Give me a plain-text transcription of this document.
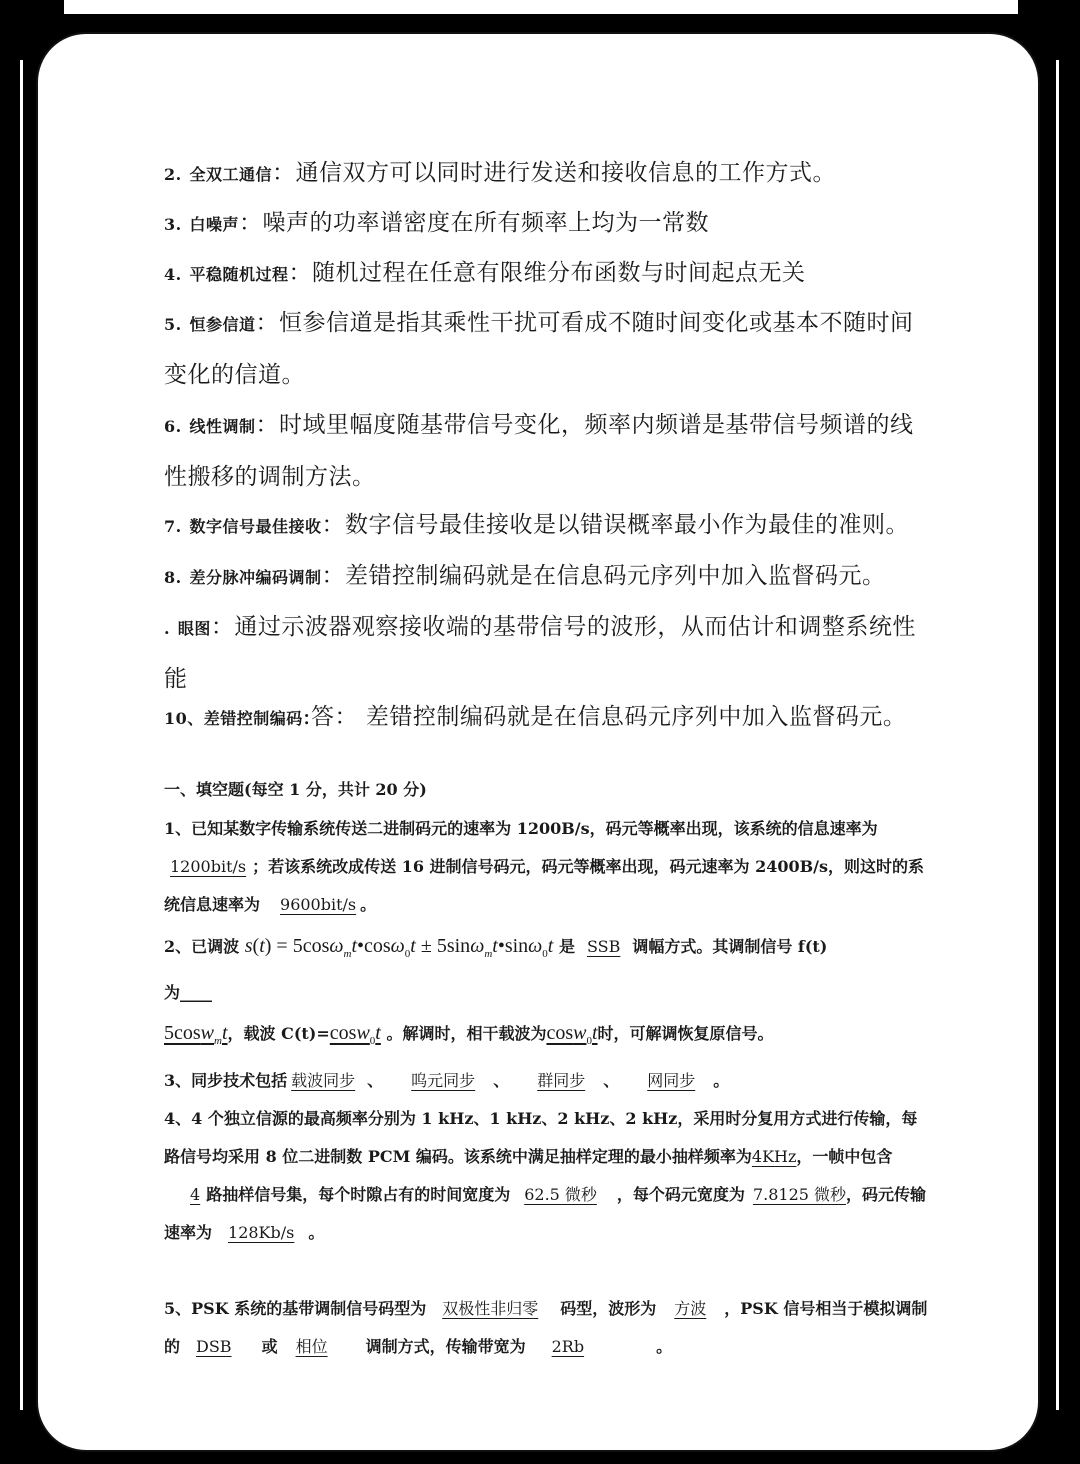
2. 全双工通信：通信双方可以同时进行发送和接收信息的工作方式。
3. 白噪声：噪声的功率谱密度在所有频率上均为一常数
4. 平稳随机过程：随机过程在任意有限维分布函数与时间起点无关
5. 恒参信道：恒参信道是指其乘性干扰可看成不随时间变化或基本不随时间变化的信道。
6. 线性调制：时域里幅度随基带信号变化，频率内频谱是基带信号频谱的线性搬移的调制方法。
7. 数字信号最佳接收：数字信号最佳接收是以错误概率最小作为最佳的准则。
8. 差分脉冲编码调制：差错控制编码就是在信息码元序列中加入监督码元。
. 眼图：通过示波器观察接收端的基带信号的波形，从而估计和调整系统性能
10、差错控制编码:答： 差错控制编码就是在信息码元序列中加入监督码元。
一、填空题(每空 1 分，共计 20 分)
1、已知某数字传输系统传送二进制码元的速率为 1200B/s，码元等概率出现，该系统的信息速率为1200bit/s ；若该系统改成传送 16 进制信号码元，码元等概率出现，码元速率为 2400B/s，则这时的系统信息速率为 9600bit/s 。
2、已调波 s(t) = 5cosω$_m$t•cosω$_0$t ± 5sinω$_m$t•sinω$_0$t 是 SSB 调幅方式。其调制信号 f(t)
为____
5cosw$_m$t，载波 C(t)=cosw$_0$t 。解调时，相干载波为cosw$_0$t时，可解调恢复原信号。
3、同步技术包括 载波同步 、 呜元同步 、 群同步 、 网同步 。
4、4 个独立信源的最高频率分别为 1 kHz、1 kHz、2 kHz、2 kHz，采用时分复用方式进行传输，每路信号均采用 8 位二进制数 PCM 编码。该系统中满足抽样定理的最小抽样频率为4KHz，一帧中包含
4 路抽样信号集，每个时隙占有的时间宽度为 62.5 微秒 ，每个码元宽度为 7.8125 微秒，码元传输速率为 128Kb/s 。
5、PSK 系统的基带调制信号码型为 双极性非归零 码型，波形为 方波 ，PSK 信号相当于模拟调制的 DSB 或 相位 调制方式，传输带宽为 2Rb	。
